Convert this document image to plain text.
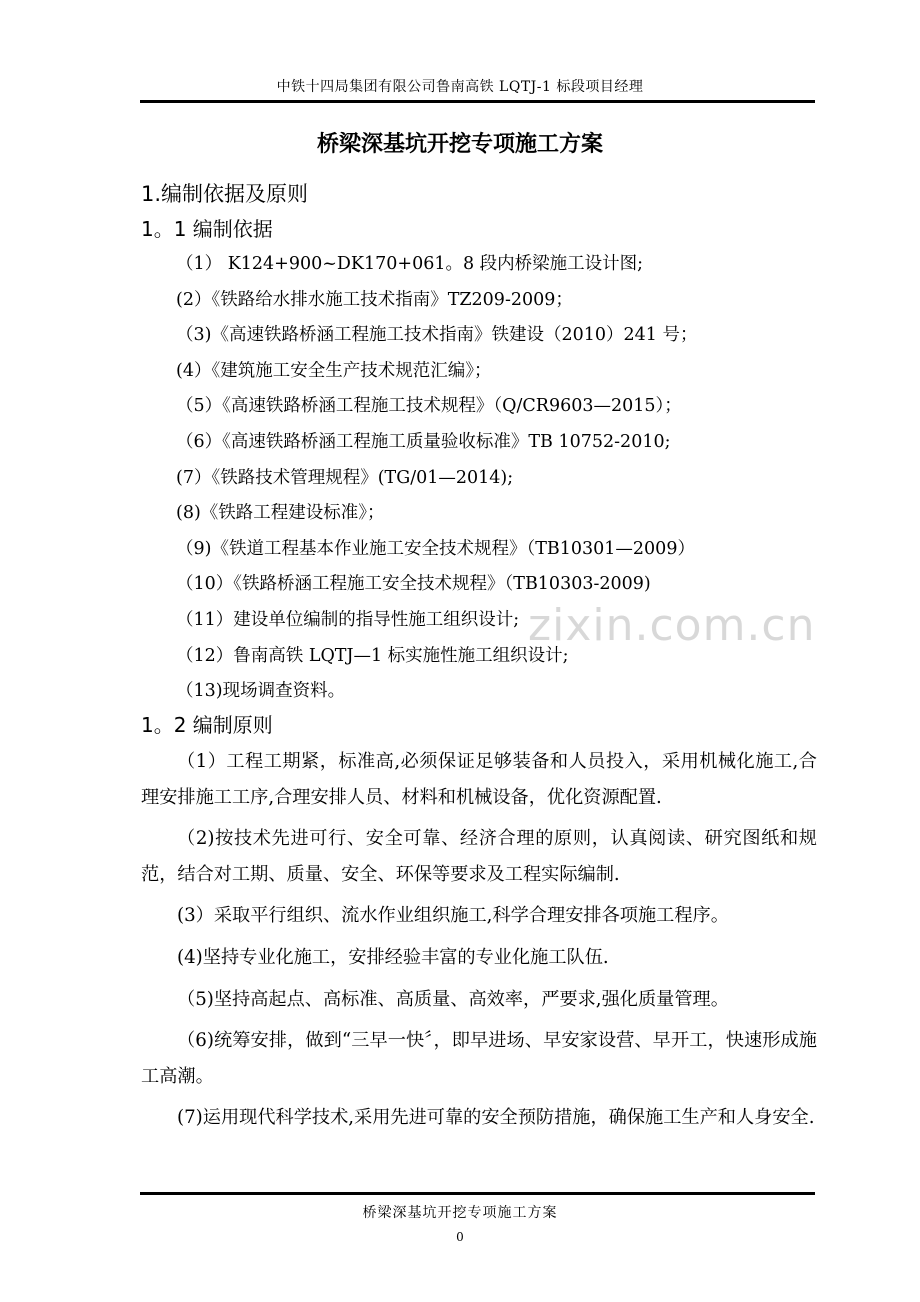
中铁十四局集团有限公司鲁南高铁 LQTJ-1 标段项目经理
桥梁深基坑开挖专项施工方案
1.编制依据及原则
1。1 编制依据
（1） K124+900~DK170+061。8 段内桥梁施工设计图;
(2）《铁路给水排水施工技术指南》TZ209-2009；
（3)《高速铁路桥涵工程施工技术指南》铁建设（2010）241 号；
(4）《建筑施工安全生产技术规范汇编》；
（5）《高速铁路桥涵工程施工技术规程》（Q/CR9603—2015）；
（6）《高速铁路桥涵工程施工质量验收标准》TB 10752-2010;
(7）《铁路技术管理规程》(TG/01—2014);
(8)《铁路工程建设标准》；
（9)《铁道工程基本作业施工安全技术规程》（TB10301—2009）
（10）《铁路桥涵工程施工安全技术规程》（TB10303-2009)
（11）建设单位编制的指导性施工组织设计;
（12）鲁南高铁 LQTJ—1 标实施性施工组织设计;
（13)现场调查资料。
zixin.com.cn
1。2 编制原则

（1）工程工期紧，标准高,必须保证足够装备和人员投入，采用机械化施工,合理安排施工工序,合理安排人员、材料和机械设备，优化资源配置.

（2)按技术先进可行、安全可靠、经济合理的原则，认真阅读、研究图纸和规范，结合对工期、质量、安全、环保等要求及工程实际编制.

(3）采取平行组织、流水作业组织施工,科学合理安排各项施工程序。

(4)坚持专业化施工，安排经验丰富的专业化施工队伍.

（5)坚持高起点、高标准、高质量、高效率，严要求,强化质量管理。

（6)统筹安排，做到“三早一快〞，即早进场、早安家设营、早开工，快速形成施工高潮。

(7)运用现代科学技术,采用先进可靠的安全预防措施，确保施工生产和人身安全.

桥梁深基坑开挖专项施工方案
0
